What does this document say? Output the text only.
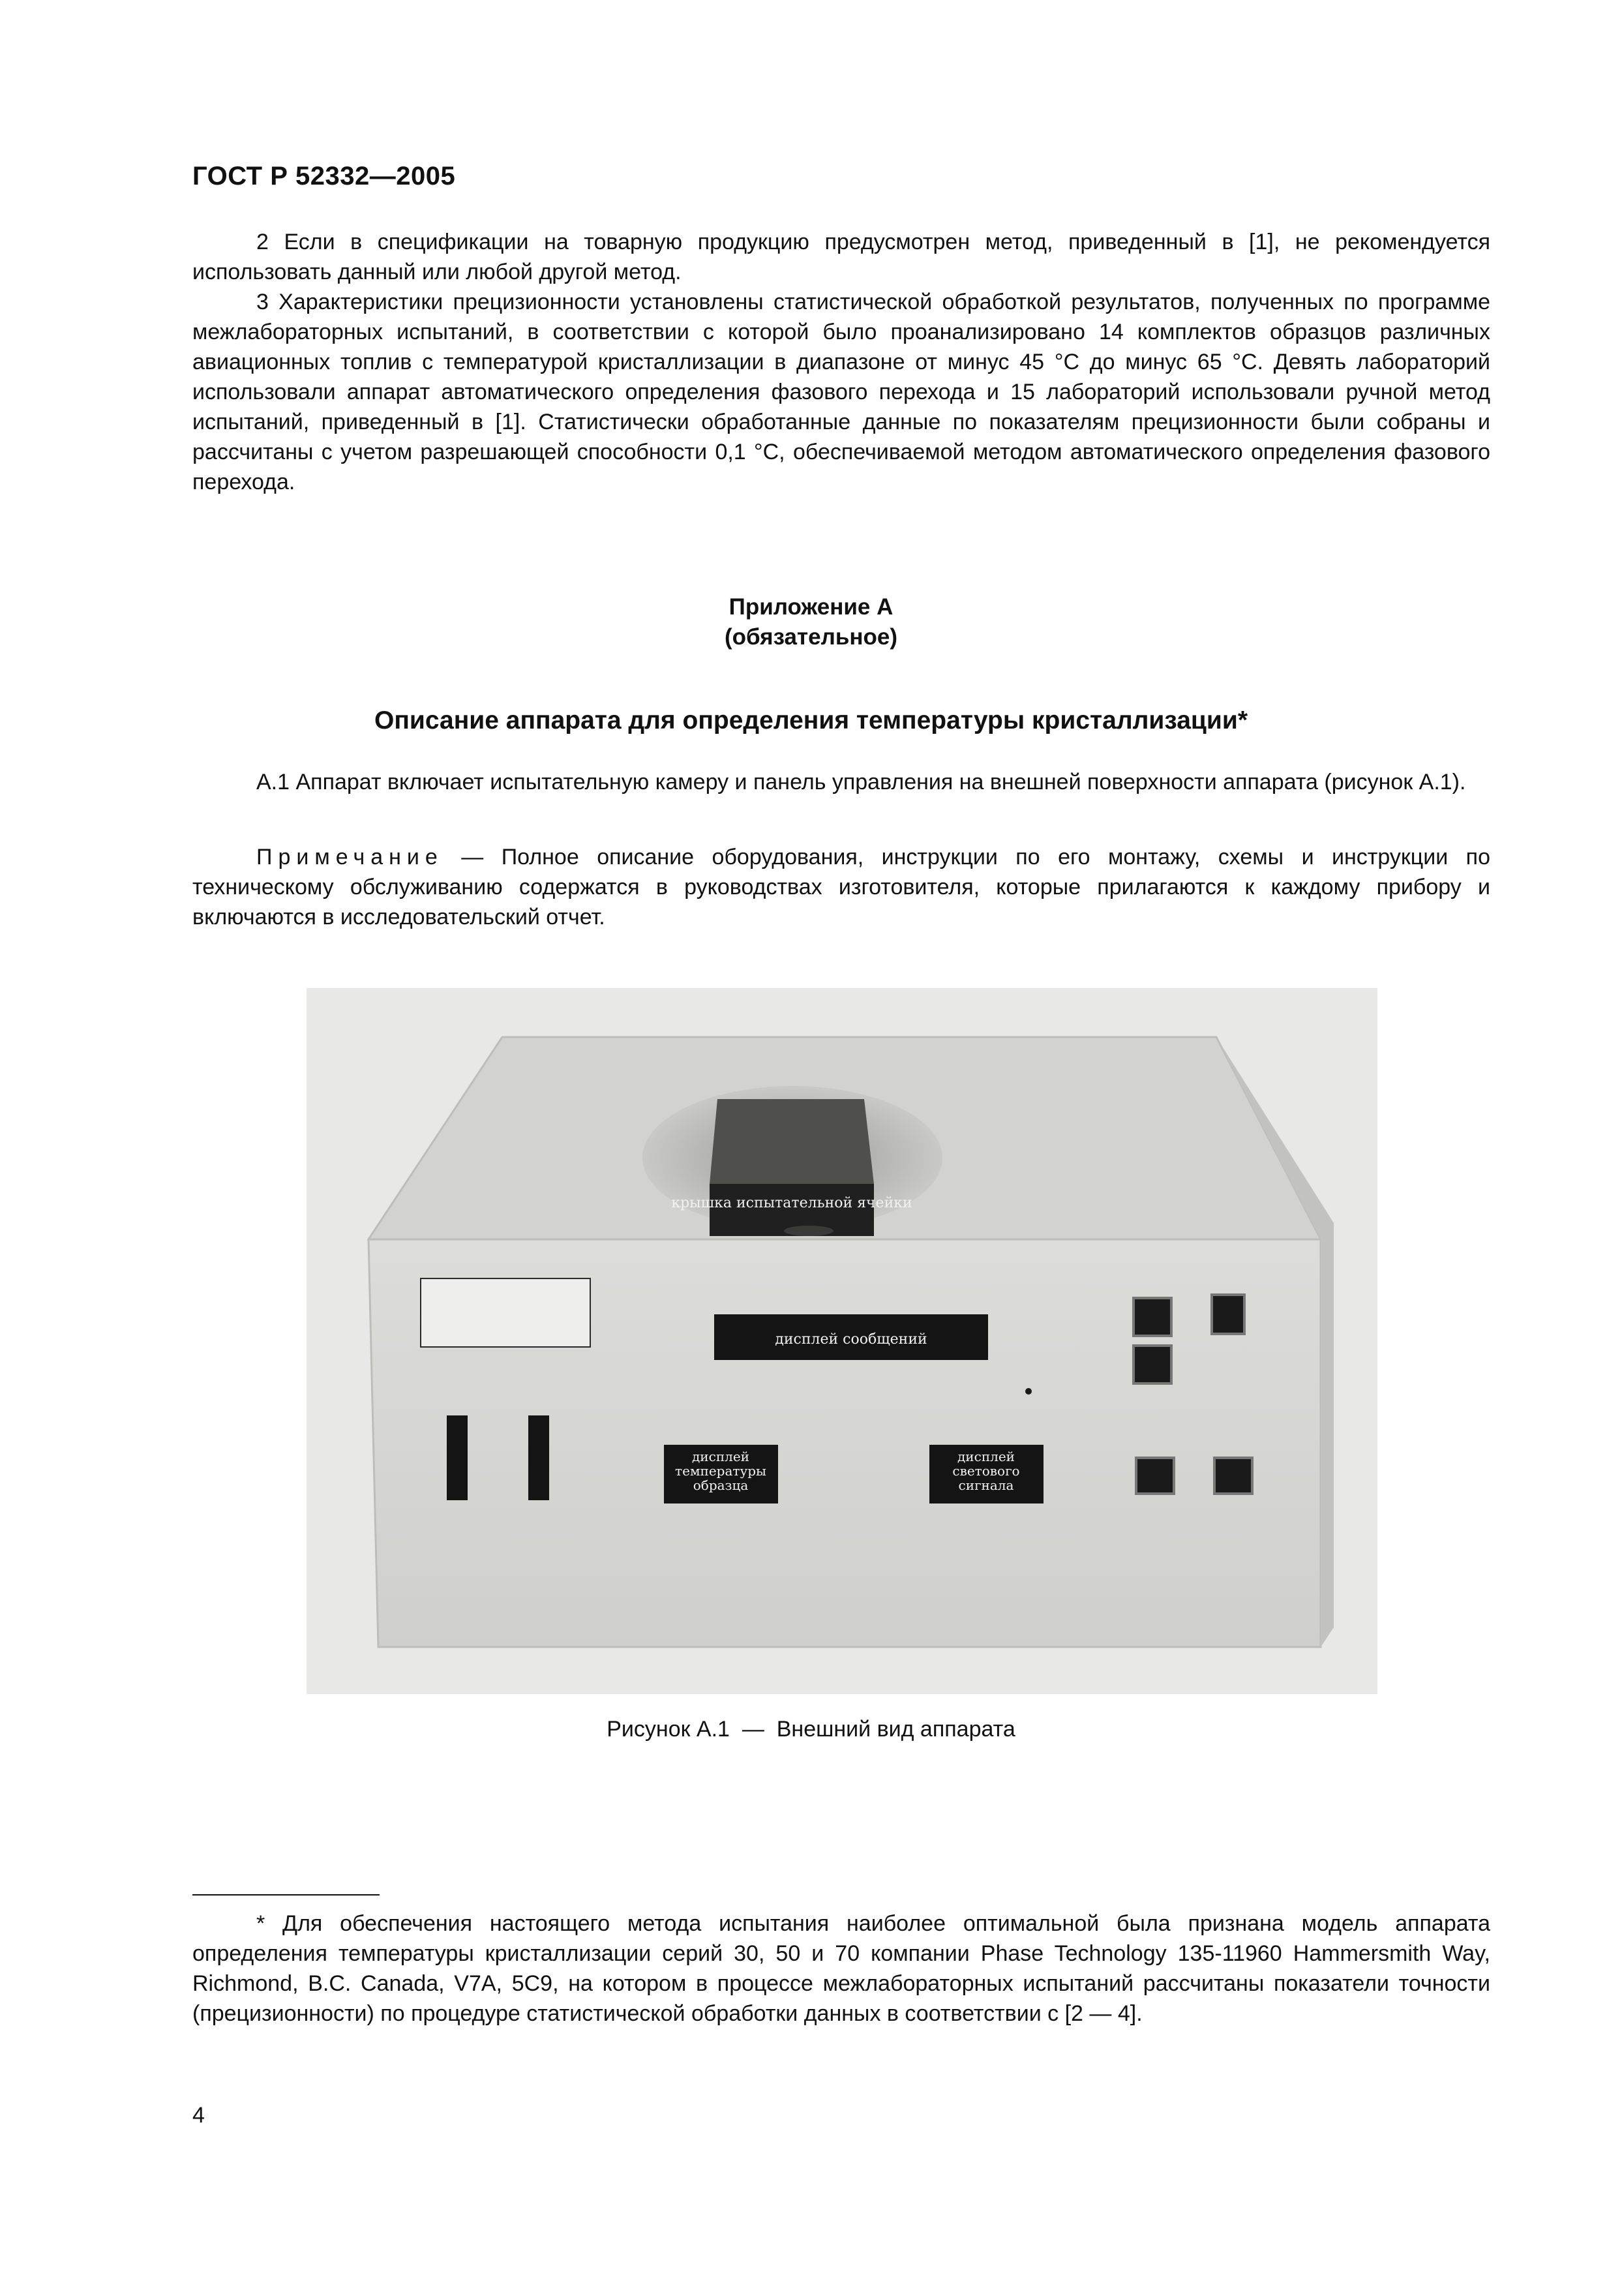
ГОСТ Р 52332—2005
2 Если в спецификации на товарную продукцию предусмотрен метод, приведенный в [1], не рекомендуется использовать данный или любой другой метод.
3 Характеристики прецизионности установлены статистической обработкой результатов, полученных по программе межлабораторных испытаний, в соответствии с которой было проанализировано 14 комплектов образцов различных авиационных топлив с температурой кристаллизации в диапазоне от минус 45 °С до минус 65 °С. Девять лабораторий использовали аппарат автоматического определения фазового перехода и 15 лабораторий использовали ручной метод испытаний, приведенный в [1]. Статистически обработанные данные по показателям прецизионности были собраны и рассчитаны с учетом разрешающей способности 0,1 °С, обеспечиваемой методом автоматического определения фазового перехода.
Приложение А
(обязательное)
Описание аппарата для определения температуры кристаллизации*
А.1 Аппарат включает испытательную камеру и панель управления на внешней поверхности аппарата (рисунок А.1).
Примечание — Полное описание оборудования, инструкции по его монтажу, схемы и инструкции по техническому обслуживанию содержатся в руководствах изготовителя, которые прилагаются к каждому прибору и включаются в исследовательский отчет.
крышка испытательной ячейки
дисплей сообщений
дисплей температуры образца
дисплей светового сигнала
Рисунок А.1  —  Внешний вид аппарата
* Для обеспечения настоящего метода испытания наиболее оптимальной была признана модель аппарата определения температуры кристаллизации серий 30, 50 и 70 компании Phase Technology 135-11960 Hammersmith Way, Richmond, B.C. Canada, V7A, 5C9, на котором в процессе межлабораторных испытаний рассчитаны показатели точности (прецизионности) по процедуре статистической обработки данных в соответствии с [2 — 4].
4
